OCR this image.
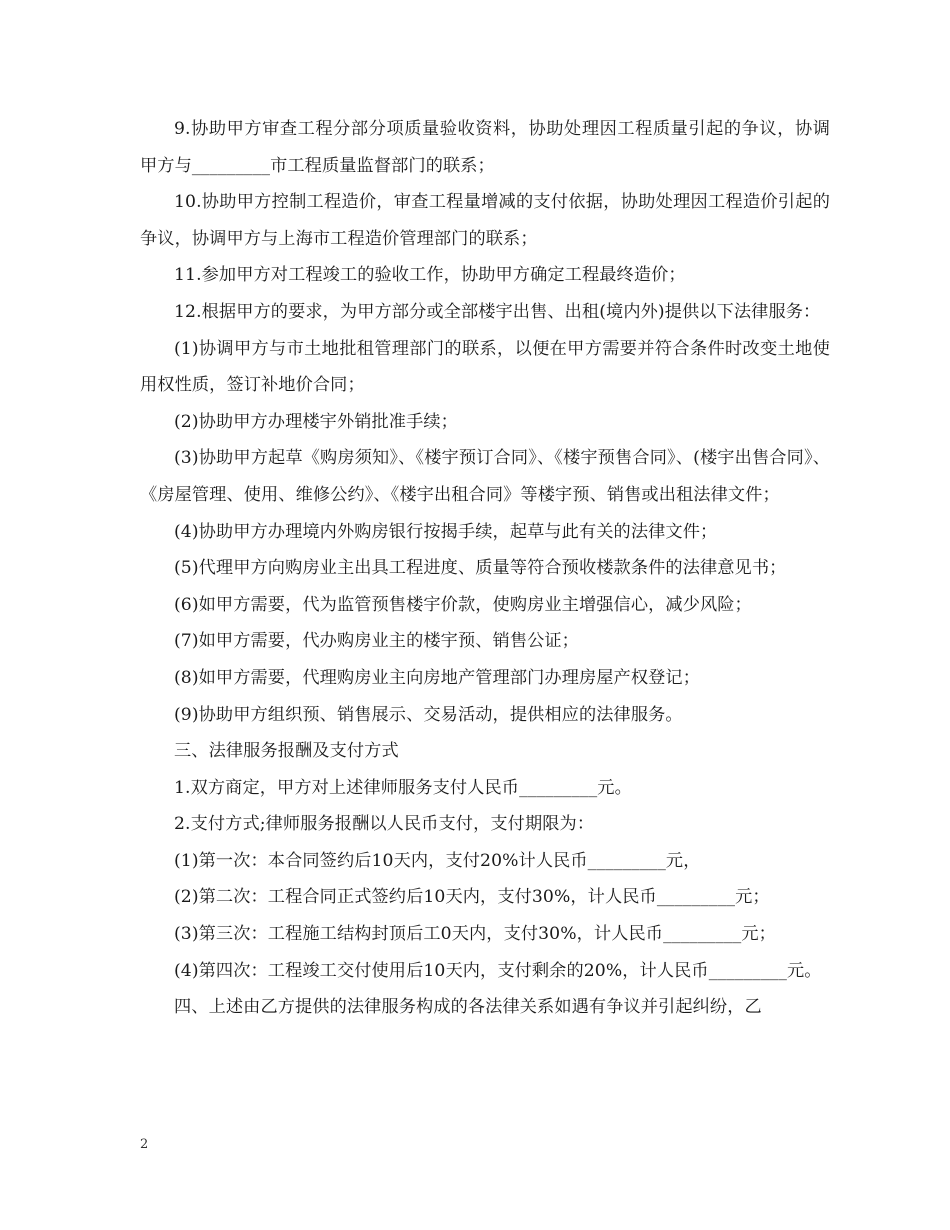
9.协助甲方审查工程分部分项质量验收资料，协助处理因工程质量引起的争议，协调甲方与_________市工程质量监督部门的联系；

10.协助甲方控制工程造价，审查工程量增减的支付依据，协助处理因工程造价引起的争议，协调甲方与上海市工程造价管理部门的联系；

11.参加甲方对工程竣工的验收工作，协助甲方确定工程最终造价；

12.根据甲方的要求，为甲方部分或全部楼宇出售、出租(境内外)提供以下法律服务：

(1)协调甲方与市土地批租管理部门的联系，以便在甲方需要并符合条件时改变土地使用权性质，签订补地价合同；

(2)协助甲方办理楼宇外销批准手续；

(3)协助甲方起草《购房须知》、《楼宇预订合同》、《楼宇预售合同》、(楼宇出售合同》、《房屋管理、使用、维修公约》、《楼宇出租合同》等楼宇预、销售或出租法律文件；

(4)协助甲方办理境内外购房银行按揭手续，起草与此有关的法律文件；

(5)代理甲方向购房业主出具工程进度、质量等符合预收楼款条件的法律意见书；

(6)如甲方需要，代为监管预售楼宇价款，使购房业主增强信心，减少风险；

(7)如甲方需要，代办购房业主的楼宇预、销售公证；

(8)如甲方需要，代理购房业主向房地产管理部门办理房屋产权登记；

(9)协助甲方组织预、销售展示、交易活动，提供相应的法律服务。

三、法律服务报酬及支付方式

1.双方商定，甲方对上述律师服务支付人民币_________元。

2.支付方式;律师服务报酬以人民币支付，支付期限为：

(1)第一次：本合同签约后10天内，支付20%计人民币_________元，

(2)第二次：工程合同正式签约后10天内，支付30%，计人民币_________元；

(3)第三次：工程施工结构封顶后工0天内，支付30%，计人民币_________元；

(4)第四次：工程竣工交付使用后10天内，支付剩余的20%，计人民币_________元。

四、上述由乙方提供的法律服务构成的各法律关系如遇有争议并引起纠纷，乙

2
